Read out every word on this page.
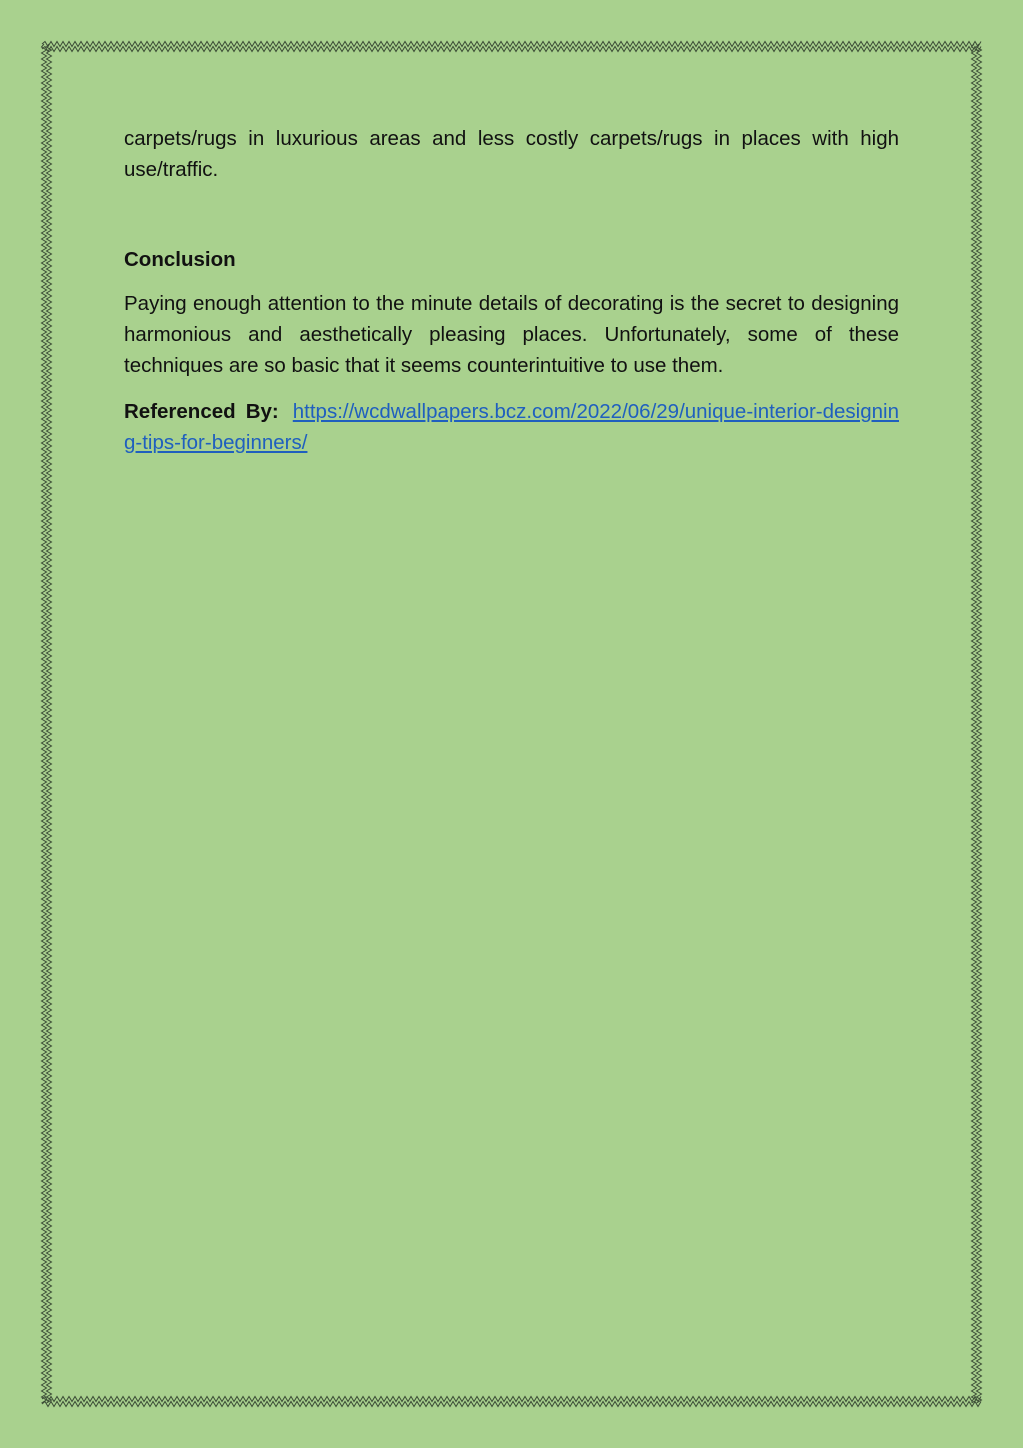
carpets/rugs in luxurious areas and less costly carpets/rugs in places with high use/traffic.

Conclusion

Paying enough attention to the minute details of decorating is the secret to designing harmonious and aesthetically pleasing places. Unfortunately, some of these techniques are so basic that it seems counterintuitive to use them.

Referenced By: https://wcdwallpapers.bcz.com/2022/06/29/unique-interior-designing-tips-for-beginners/
